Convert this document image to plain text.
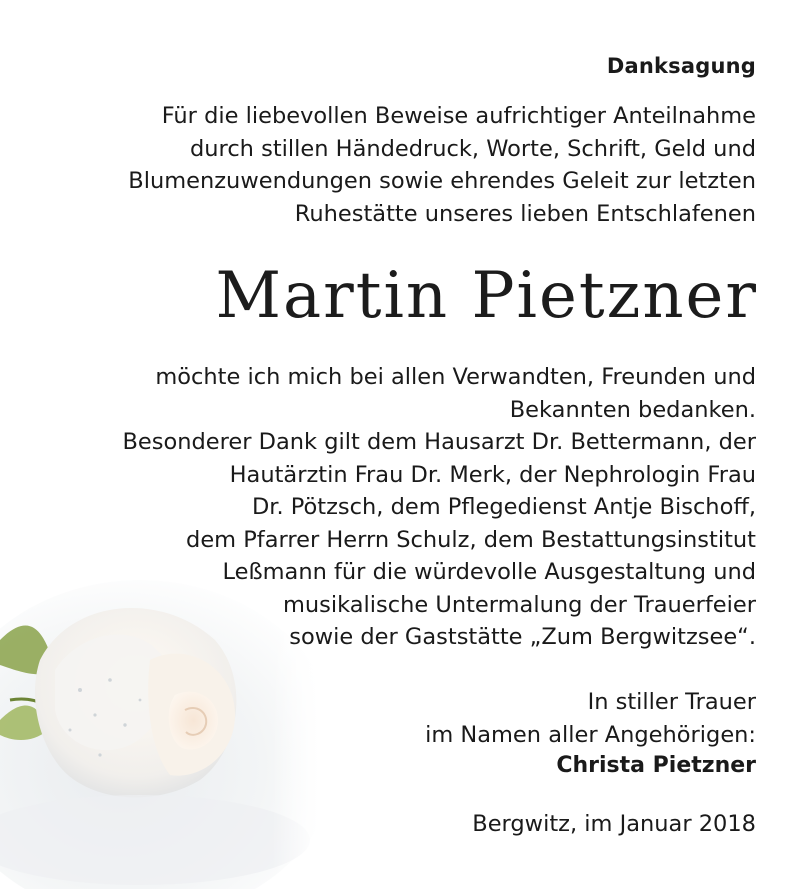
Danksagung
Für die liebevollen Beweise aufrichtiger Anteilnahme
durch stillen Händedruck, Worte, Schrift, Geld und
Blumenzuwendungen sowie ehrendes Geleit zur letzten
Ruhestätte unseres lieben Entschlafenen
Martin Pietzner
möchte ich mich bei allen Verwandten, Freunden und
Bekannten bedanken.
Besonderer Dank gilt dem Hausarzt Dr. Bettermann, der
Hautärztin Frau Dr. Merk, der Nephrologin Frau
Dr. Pötzsch, dem Pflegedienst Antje Bischoff,
dem Pfarrer Herrn Schulz, dem Bestattungsinstitut
Leßmann für die würdevolle Ausgestaltung und
musikalische Untermalung der Trauerfeier
sowie der Gaststätte „Zum Bergwitzsee“.
In stiller Trauer
im Namen aller Angehörigen:
Christa Pietzner
Bergwitz, im Januar 2018
